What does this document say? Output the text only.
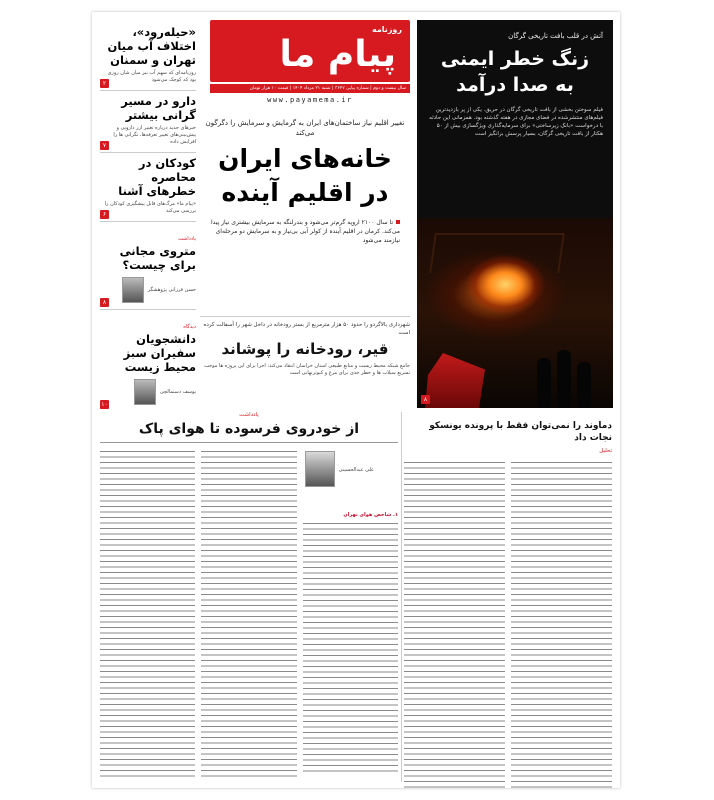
«حیله‌رود»، اختلاف آب میان تهران و سمنان
روزنامه‌ای که سهم آب نیز میان شان روزی بود که کوچک می‌شود
۲
دارو در مسیر گرانی بیشتر
خبرهای جدید درباره تغییر ارز دارویی و پیش‌بینی‌های تغییر تعرفه‌ها، نگرانی ها را افزایش داده
۷
کودکان در محاصره خطرهای آشنا
«پیام ما» مرگ‌های قابل پیشگیری کودکان را بررسی می‌کند
۶
یادداشت
متروی مجانی برای چیست؟
حسن فرزانی پژوهشگر
۸
دیدگاه
دانشجویان سفیران سبز محیط زیست
یوسف دستمالچی
۱۰
روزنامه
پیام ما
سال بیست و دوم | شماره پیاپی ۳۶۲۷ | شنبه ۲۱ مرداد ۱۴۰۴ | قیمت ۱۰ هزار تومان
www.payamema.ir
تغییر اقلیم نیاز ساختمان‌های ایران به گرمایش و سرمایش را دگرگون می‌کند
خانه‌های ایران
در اقلیم آینده
تا سال ۲۱۰۰ اروپه گرم‌تر می‌شود و بندرلنگه به سرمایش بیشتری نیاز پیدا می‌کند. کرمان در اقلیم آینده از کولر آبی بی‌نیاز و به سرمایش دو مرحله‌ای نیازمند می‌شود
شهرداری بالاگردو را حدود ۵۰ هزار مترمربع از بستر رودخانه در داخل شهر را آسفالت کرده است
قیر، رودخانه را پوشاند
جامع شبکه محیط زیست و منابع طبیعی استان خراسان انتقاد می‌کند: اجرا برای این پروژه ها موجب تسریع سیلاب ها و خطر جدی برای مرغ و کبوترنهایی است
آتش در قلب بافت تاریخی گرگان
زنگ خطر ایمنی
به صدا درآمد
فیلم سوختن بخشی از بافت تاریخی گرگان در حریق. یکی از پر بازدیدترین فیلم‌های منتشرشده در فضای مجازی در هفته گذشته بود. همزمانی این حادثه با درخواست «بانک زیرساختی» برای سرمایه‌گذاری ویژگسازی بیش از ۵۰ هکتار از بافت تاریخی گرگان، بسیار پرسش برانگیز است
۸
یادداشت
از خودروی فرسوده تا هوای پاک
علی عبدالحسینی
۱. شاخص هوای تهران
دماوند را نمی‌توان فقط با پرونده یونسکو نجات داد
تحلیل
